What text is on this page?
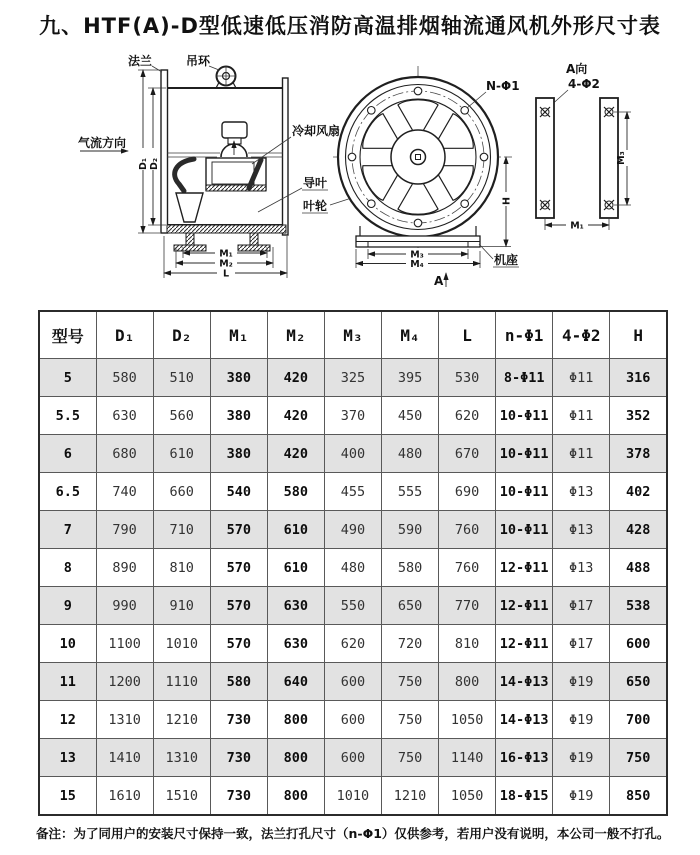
九、HTF(A)-D型低速低压消防高温排烟轴流通风机外形尺寸表
D₁ D₂
M₁
M₂
L
法兰	吊环
气流方向
冷却风扇
导叶
叶轮	H
N-Φ1
M₃
M₄
A
机座
A向
4-Φ2
M₃
M₁
型号	D₁	D₂	M₁	M₂	M₃	M₄	L	n-Φ1	4-Φ2	H
5	580	510	380	420	325	395	530	8-Φ11	Φ11	316
5.5	630	560	380	420	370	450	620	10-Φ11	Φ11	352
6	680	610	380	420	400	480	670	10-Φ11	Φ11	378
6.5	740	660	540	580	455	555	690	10-Φ11	Φ13	402
7	790	710	570	610	490	590	760	10-Φ11	Φ13	428
8	890	810	570	610	480	580	760	12-Φ11	Φ13	488
9	990	910	570	630	550	650	770	12-Φ11	Φ17	538
10	1100	1010	570	630	620	720	810	12-Φ11	Φ17	600
11	1200	1110	580	640	600	750	800	14-Φ13	Φ19	650
12	1310	1210	730	800	600	750	1050	14-Φ13	Φ19	700
13	1410	1310	730	800	600	750	1140	16-Φ13	Φ19	750
15	1610	1510	730	800	1010	1210	1050	18-Φ15	Φ19	850

备注：为了同用户的安装尺寸保持一致，法兰打孔尺寸（n-Φ1）仅供参考，若用户没有说明，本公司一般不打孔。
